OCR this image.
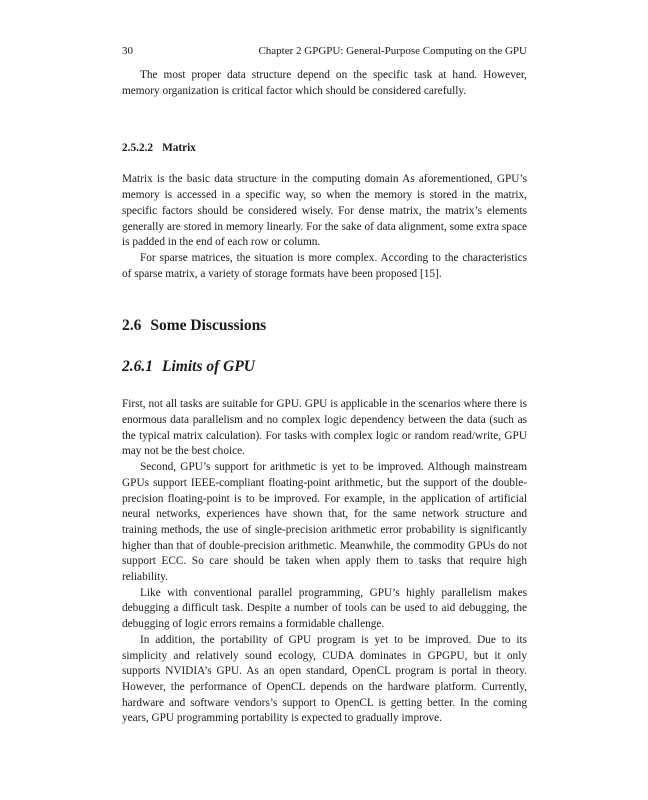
30	Chapter 2 GPGPU: General-Purpose Computing on the GPU

The most proper data structure depend on the specific task at hand. However, memory organization is critical factor which should be considered carefully.

2.5.2.2 Matrix

Matrix is the basic data structure in the computing domain As aforementioned, GPU’s memory is accessed in a specific way, so when the memory is stored in the matrix, specific factors should be considered wisely. For dense matrix, the matrix’s elements generally are stored in memory linearly. For the sake of data alignment, some extra space is padded in the end of each row or column.

For sparse matrices, the situation is more complex. According to the characteristics of sparse matrix, a variety of storage formats have been proposed [15].

2.6 Some Discussions
2.6.1 Limits of GPU

First, not all tasks are suitable for GPU. GPU is applicable in the scenarios where there is enormous data parallelism and no complex logic dependency between the data (such as the typical matrix calculation). For tasks with complex logic or random read/write, GPU may not be the best choice.

Second, GPU’s support for arithmetic is yet to be improved. Although mainstream GPUs support IEEE-compliant floating-point arithmetic, but the support of the double-precision floating-point is to be improved. For example, in the application of artificial neural networks, experiences have shown that, for the same network structure and training methods, the use of single-precision arithmetic error probability is significantly higher than that of double-precision arithmetic. Meanwhile, the commodity GPUs do not support ECC. So care should be taken when apply them to tasks that require high reliability.

Like with conventional parallel programming, GPU’s highly parallelism makes debugging a difficult task. Despite a number of tools can be used to aid debugging, the debugging of logic errors remains a formidable challenge.

In addition, the portability of GPU program is yet to be improved. Due to its simplicity and relatively sound ecology, CUDA dominates in GPGPU, but it only supports NVIDIA’s GPU. As an open standard, OpenCL program is portal in theory. However, the performance of OpenCL depends on the hardware platform. Currently, hardware and software vendors’s support to OpenCL is getting better. In the coming years, GPU programming portability is expected to gradually improve.
